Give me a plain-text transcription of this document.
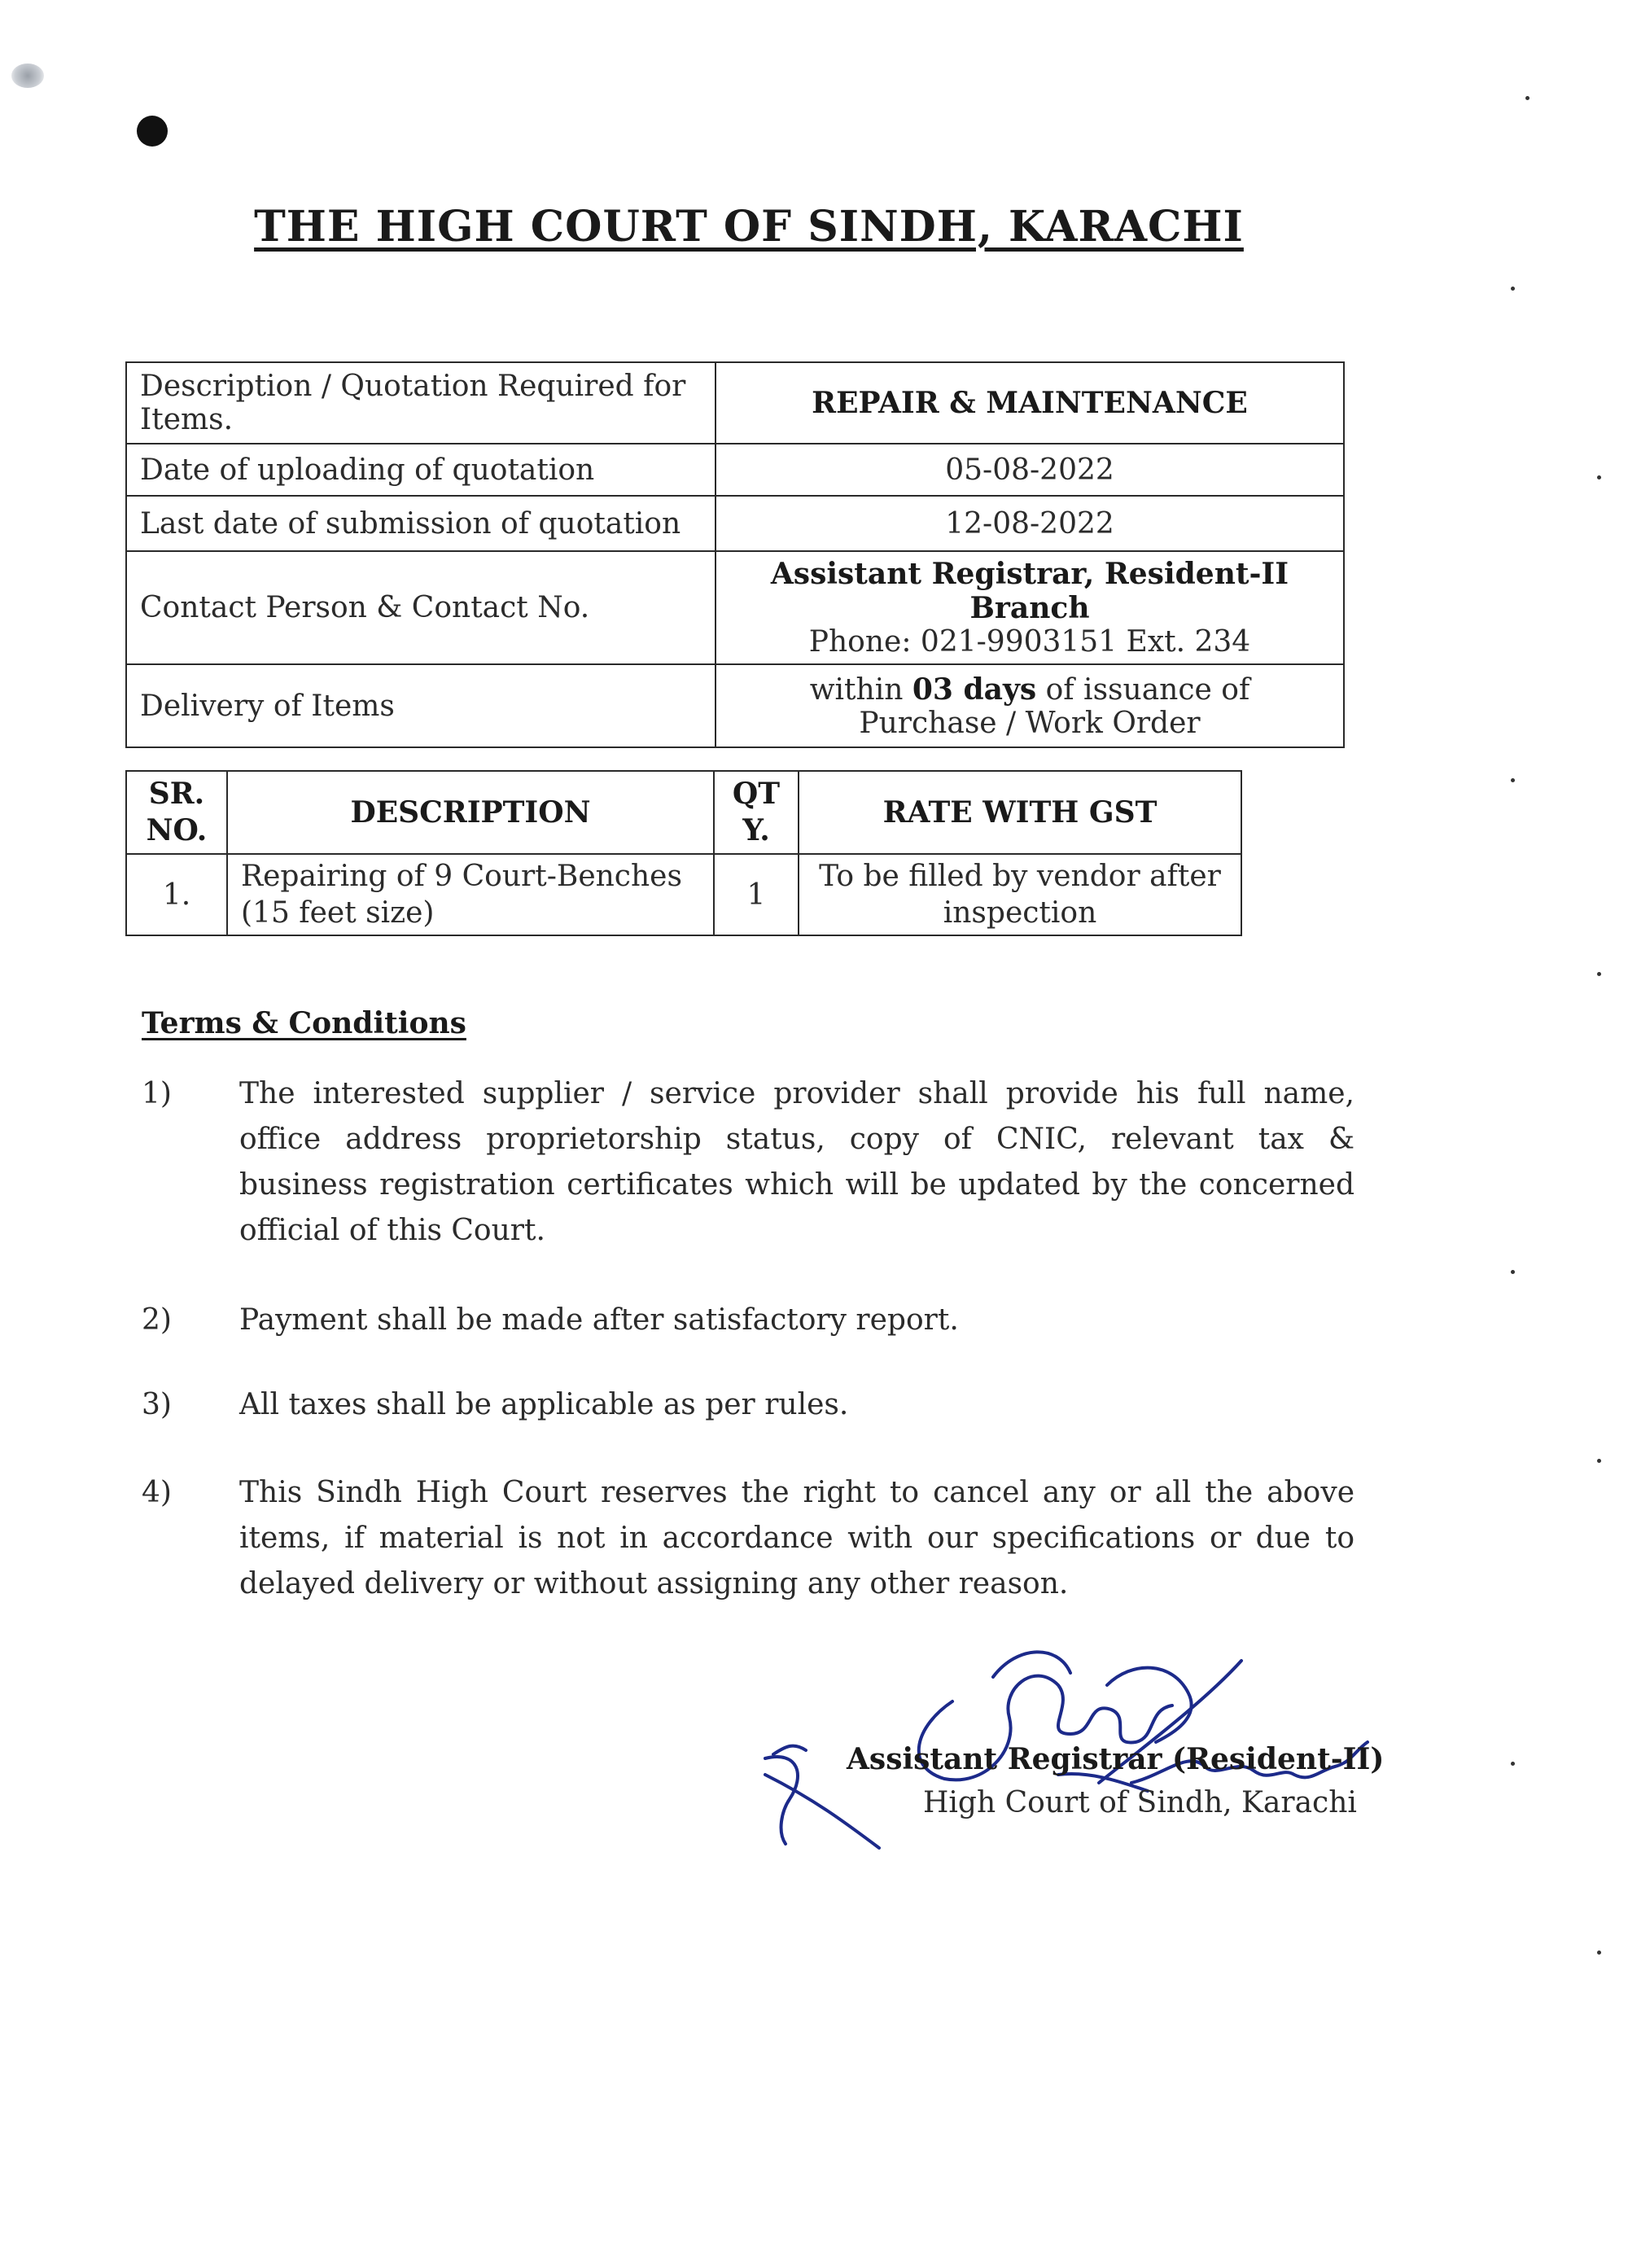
THE HIGH COURT OF SINDH, KARACHI
Description / Quotation Required for Items.	REPAIR & MAINTENANCE
Date of uploading of quotation	05-08-2022
Last date of submission of quotation	12-08-2022
Contact Person & Contact No.	Assistant Registrar, Resident-II Branch
Phone: 021-9903151 Ext. 234

Delivery of Items	within 03 days of issuance of
Purchase / Work Order
SR. NO.	DESCRIPTION	QT Y.	RATE WITH GST
1.	Repairing of 9 Court-Benches (15 feet size)	1	To be filled by vendor after inspection
Terms & Conditions
1)	The interested supplier / service provider shall provide his full name, office address proprietorship status, copy of CNIC, relevant tax & business registration certificates which will be updated by the concerned official of this Court.
2)	Payment shall be made after satisfactory report.
3)	All taxes shall be applicable as per rules.
4)	This Sindh High Court reserves the right to cancel any or all the above items, if material is not in accordance with our specifications or due to delayed delivery or without assigning any other reason.
Assistant Registrar (Resident-II)
High Court of Sindh, Karachi
